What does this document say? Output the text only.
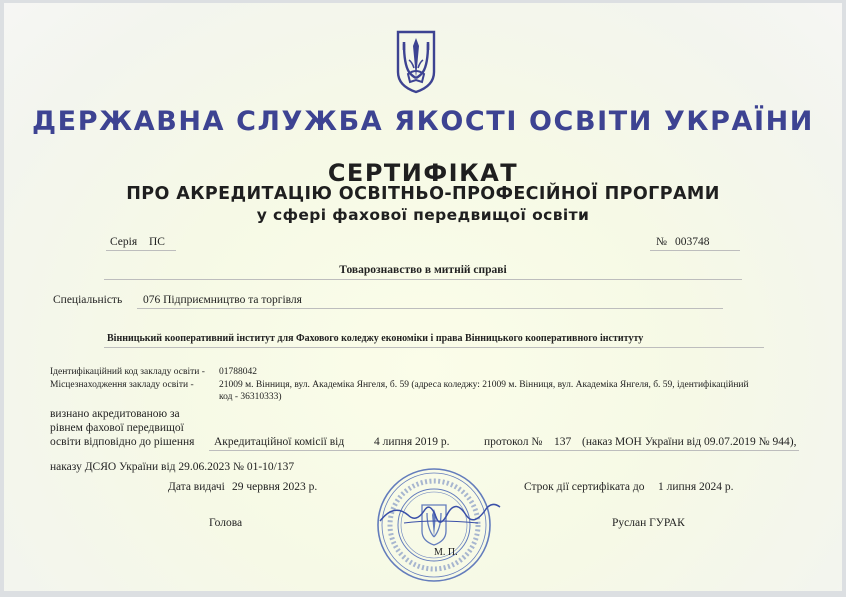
ДЕРЖАВНА СЛУЖБА ЯКОСТІ ОСВІТИ УКРАЇНИ
СЕРТИФІКАТ
ПРО АКРЕДИТАЦІЮ ОСВІТНЬО-ПРОФЕСІЙНОЇ ПРОГРАМИ
у сфері фахової передвищої освіти
Серія ПС	№ 003748
Товарознавство в митній справі
Спеціальність 076 Підприємництво та торгівля
Вінницький кооперативний інститут для Фахового коледжу економіки і права Вінницького кооперативного інституту
Ідентифікаційний код закладу освіти - 01788042
Місцезнаходження закладу освіти -	21009 м. Вінниця, вул. Академіка Янгеля, б. 59 (адреса коледжу: 21009 м. Вінниця, вул. Академіка Янгеля, б. 59, ідентифікаційний
код - 36310333)
визнано акредитованою за
рівнем фахової передвищої
освіти відповідно до рішення Акредитаційної комісії від	4 липня 2019 р.	протокол № 137 (наказ МОН України від 09.07.2019 № 944),
наказу ДСЯО України від 29.06.2023 № 01-10/137
Дата видачі 29 червня 2023 р.	Строк дії сертифіката до 1 липня 2024 р.
Голова	Руслан ГУРАК
М. П.
